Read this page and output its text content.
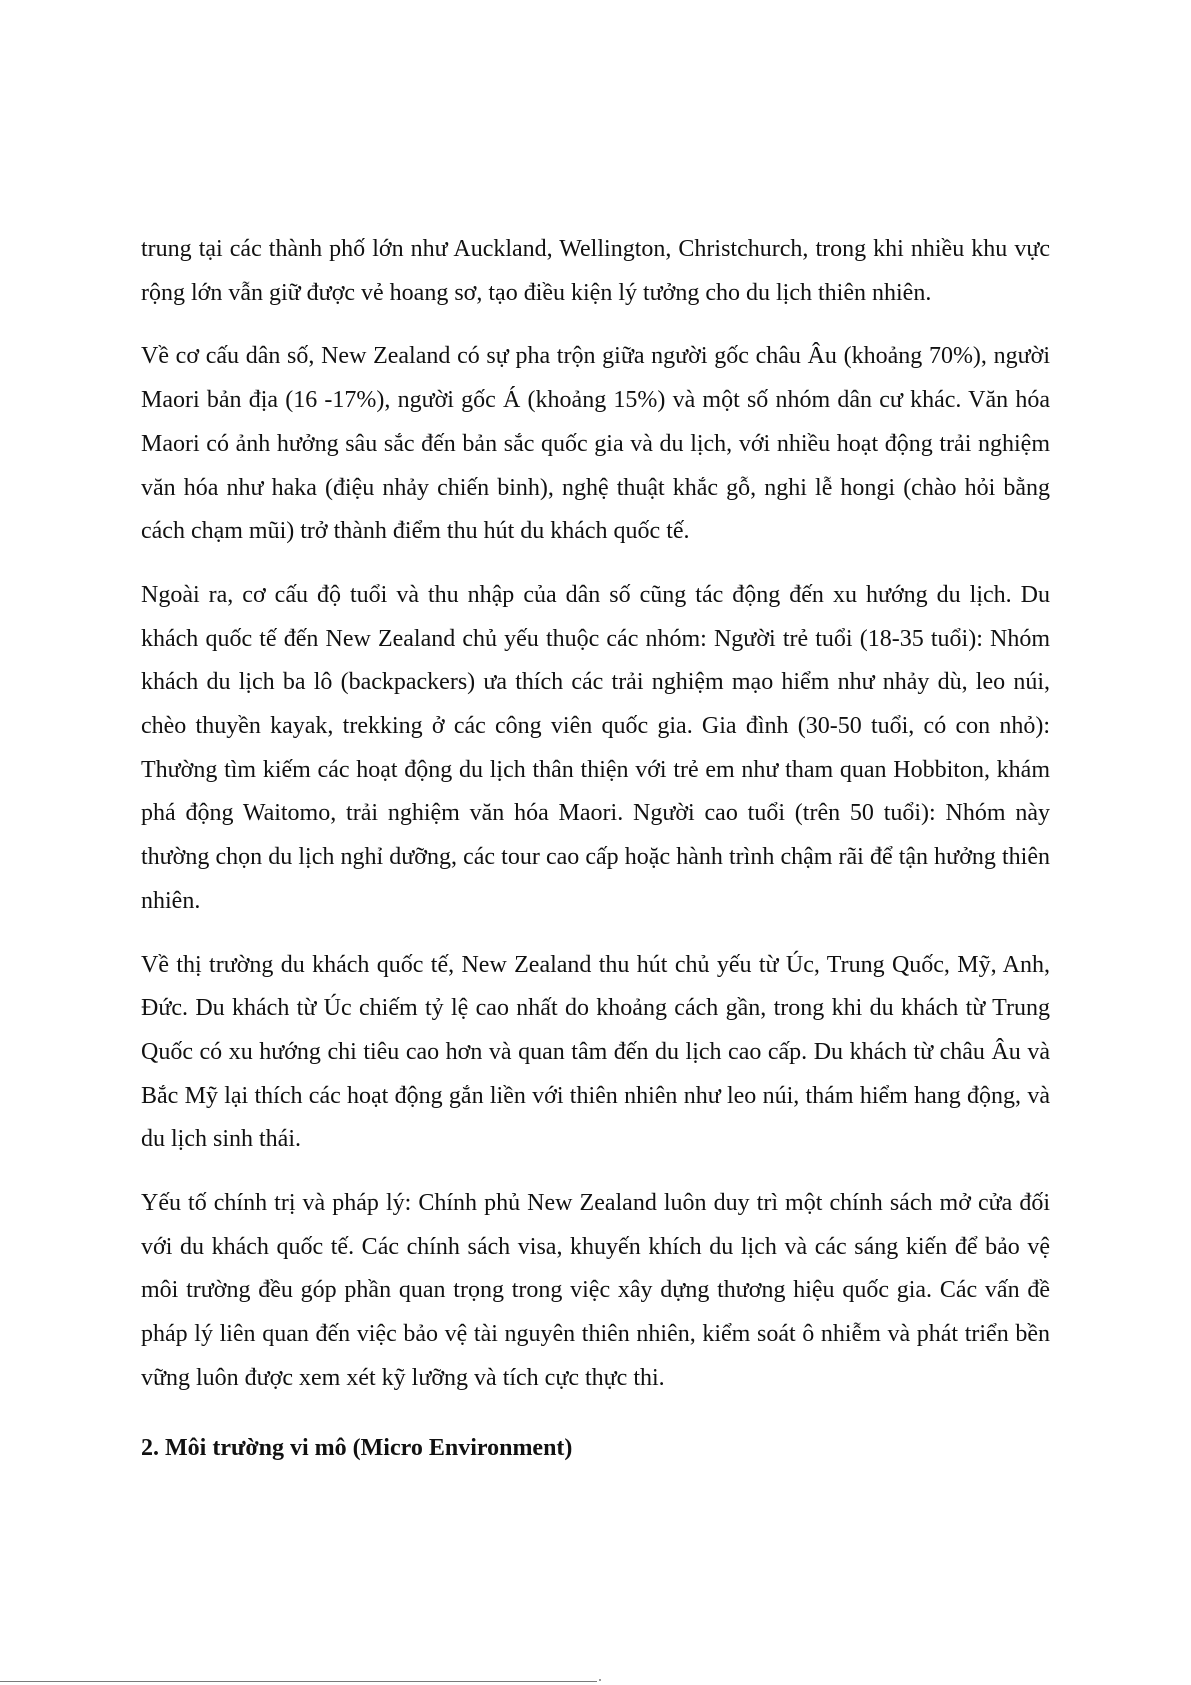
trung tại các thành phố lớn như Auckland, Wellington, Christchurch, trong khi nhiều khu vực rộng lớn vẫn giữ được vẻ hoang sơ, tạo điều kiện lý tưởng cho du lịch thiên nhiên.

Về cơ cấu dân số, New Zealand có sự pha trộn giữa người gốc châu Âu (khoảng 70%), người Maori bản địa (16 -17%), người gốc Á (khoảng 15%) và một số nhóm dân cư khác. Văn hóa Maori có ảnh hưởng sâu sắc đến bản sắc quốc gia và du lịch, với nhiều hoạt động trải nghiệm văn hóa như haka (điệu nhảy chiến binh), nghệ thuật khắc gỗ, nghi lễ hongi (chào hỏi bằng cách chạm mũi) trở thành điểm thu hút du khách quốc tế.

Ngoài ra, cơ cấu độ tuổi và thu nhập của dân số cũng tác động đến xu hướng du lịch. Du khách quốc tế đến New Zealand chủ yếu thuộc các nhóm: Người trẻ tuổi (18-35 tuổi): Nhóm khách du lịch ba lô (backpackers) ưa thích các trải nghiệm mạo hiểm như nhảy dù, leo núi, chèo thuyền kayak, trekking ở các công viên quốc gia. Gia đình (30-50 tuổi, có con nhỏ): Thường tìm kiếm các hoạt động du lịch thân thiện với trẻ em như tham quan Hobbiton, khám phá động Waitomo, trải nghiệm văn hóa Maori. Người cao tuổi (trên 50 tuổi): Nhóm này thường chọn du lịch nghỉ dưỡng, các tour cao cấp hoặc hành trình chậm rãi để tận hưởng thiên nhiên.

Về thị trường du khách quốc tế, New Zealand thu hút chủ yếu từ Úc, Trung Quốc, Mỹ, Anh, Đức. Du khách từ Úc chiếm tỷ lệ cao nhất do khoảng cách gần, trong khi du khách từ Trung Quốc có xu hướng chi tiêu cao hơn và quan tâm đến du lịch cao cấp. Du khách từ châu Âu và Bắc Mỹ lại thích các hoạt động gắn liền với thiên nhiên như leo núi, thám hiểm hang động, và du lịch sinh thái.

Yếu tố chính trị và pháp lý: Chính phủ New Zealand luôn duy trì một chính sách mở cửa đối với du khách quốc tế. Các chính sách visa, khuyến khích du lịch và các sáng kiến để bảo vệ môi trường đều góp phần quan trọng trong việc xây dựng thương hiệu quốc gia. Các vấn đề pháp lý liên quan đến việc bảo vệ tài nguyên thiên nhiên, kiểm soát ô nhiễm và phát triển bền vững luôn được xem xét kỹ lưỡng và tích cực thực thi.

2. Môi trường vi mô (Micro Environment)
